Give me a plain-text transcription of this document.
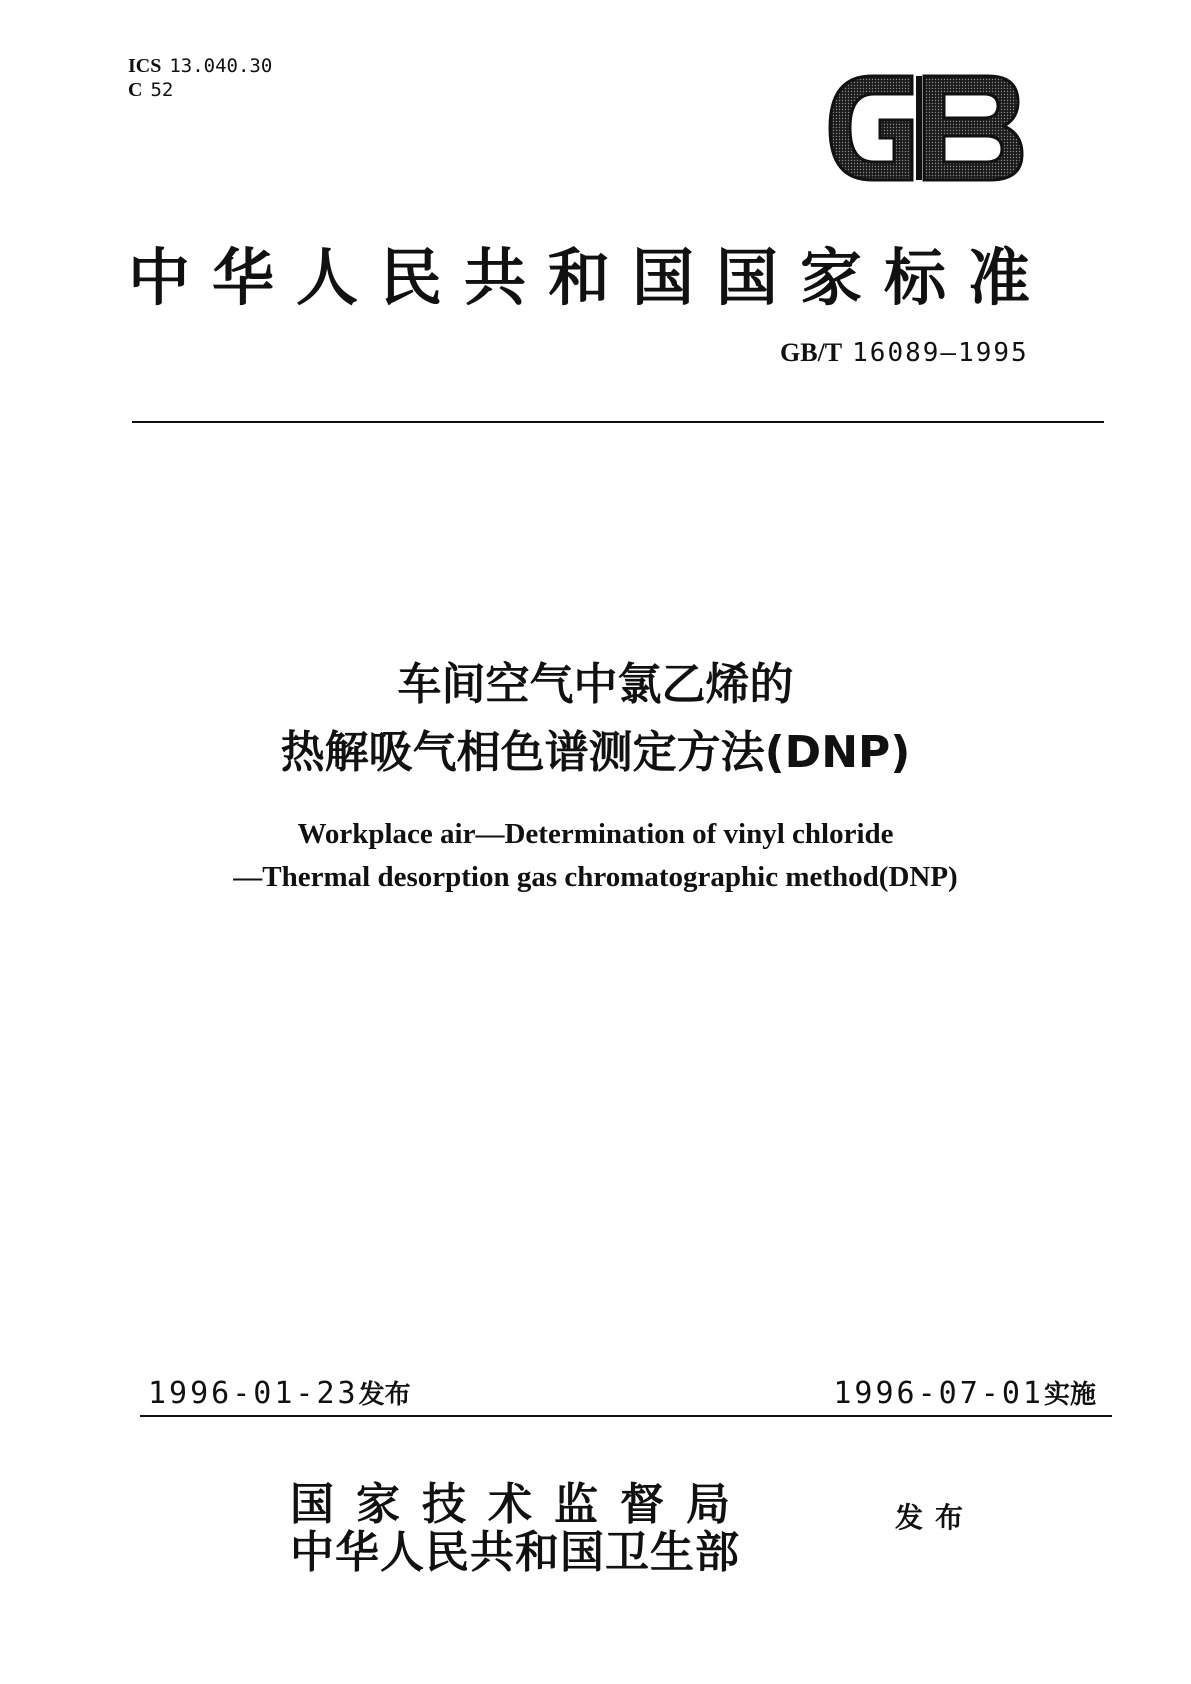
ICS 13.040.30
C 52
中华人民共和国国家标准
GB/T 16089—1995
车间空气中氯乙烯的
热解吸气相色谱测定方法(DNP)
Workplace air—Determination of vinyl chloride
—Thermal desorption gas chromatographic method(DNP)
1996-01-23发布	1996-07-01实施
国家技术监督局
中华人民共和国卫生部
发布
